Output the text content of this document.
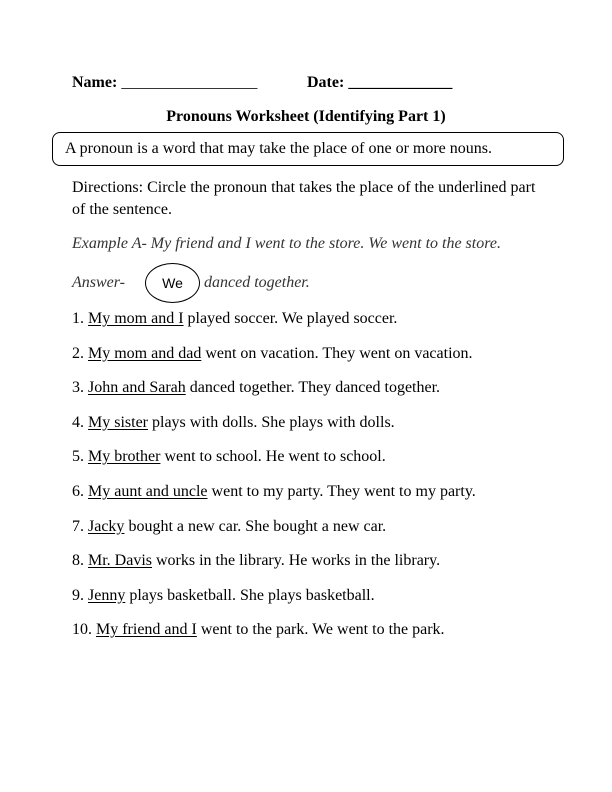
Name: _________________	Date: _____________
Pronouns Worksheet (Identifying Part 1)
A pronoun is a word that may take the place of one or more nouns.
Directions: Circle the pronoun that takes the place of the underlined part of the sentence.
Example A- My friend and I went to the store. We went to the store.
Answer-	We	danced together.
1. My mom and I played soccer. We played soccer.
2. My mom and dad went on vacation. They went on vacation.
3. John and Sarah danced together. They danced together.
4. My sister plays with dolls. She plays with dolls.
5. My brother went to school. He went to school.
6. My aunt and uncle went to my party. They went to my party.
7. Jacky bought a new car. She bought a new car.
8. Mr. Davis works in the library. He works in the library.
9. Jenny plays basketball. She plays basketball.
10. My friend and I went to the park. We went to the park.
